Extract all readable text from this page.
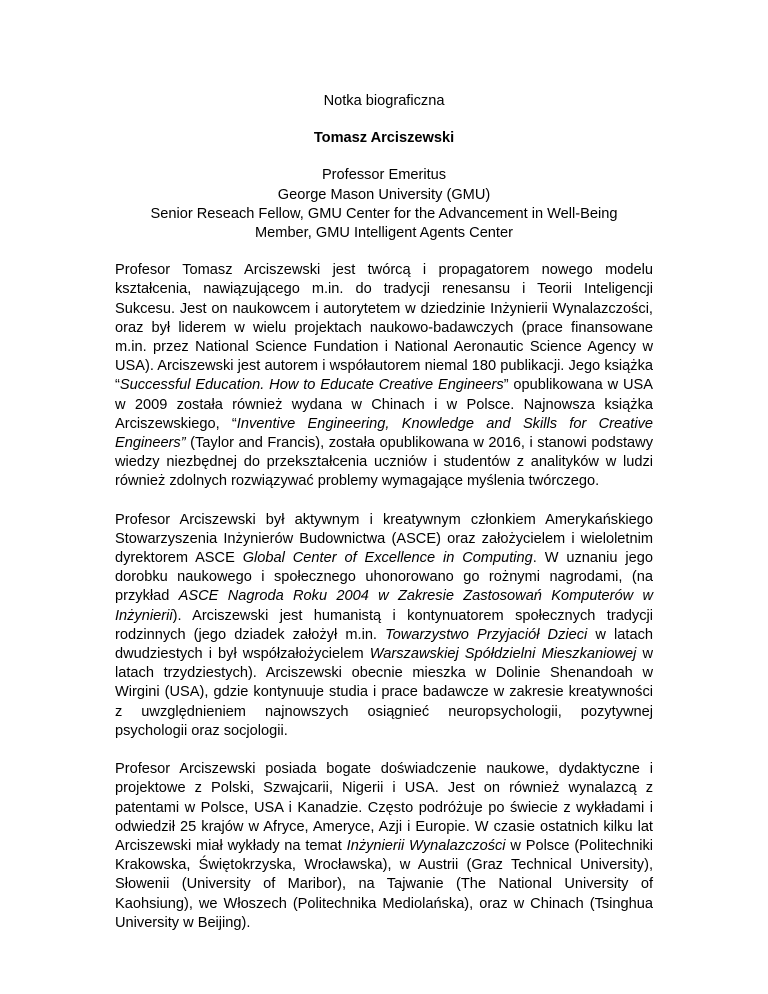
Notka biograficzna
Tomasz Arciszewski
Professor Emeritus
George Mason University (GMU)
Senior Reseach Fellow, GMU Center for the Advancement in Well-Being
Member, GMU Intelligent Agents Center

Profesor Tomasz Arciszewski jest twórcą i propagatorem nowego modelu kształcenia, nawiązującego m.in. do tradycji renesansu i Teorii Inteligencji Sukcesu. Jest on naukowcem i autorytetem w dziedzinie Inżynierii Wynalazczości, oraz był liderem w wielu projektach naukowo-badawczych (prace finansowane m.in. przez National Science Fundation i National Aeronautic Science Agency w USA). Arciszewski jest autorem i współautorem niemal 180 publikacji. Jego książka “Successful Education. How to Educate Creative Engineers” opublikowana w USA w 2009 została również wydana w Chinach i w Polsce. Najnowsza książka Arciszewskiego, “Inventive Engineering, Knowledge and Skills for Creative Engineers” (Taylor and Francis), została opublikowana w 2016, i stanowi podstawy wiedzy niezbędnej do przekształcenia uczniów i studentów z analityków w ludzi również zdolnych rozwiązywać problemy wymagające myślenia twórczego.

Profesor Arciszewski był aktywnym i kreatywnym członkiem Amerykańskiego Stowarzyszenia Inżynierów Budownictwa (ASCE) oraz założycielem i wieloletnim dyrektorem ASCE Global Center of Excellence in Computing. W uznaniu jego dorobku naukowego i społecznego uhonorowano go rożnymi nagrodami, (na przykład ASCE Nagroda Roku 2004 w Zakresie Zastosowań Komputerów w Inżynierii). Arciszewski jest humanistą i kontynuatorem społecznych tradycji rodzinnych (jego dziadek założył m.in. Towarzystwo Przyjaciół Dzieci w latach dwudziestych i był współzałożycielem Warszawskiej Spółdzielni Mieszkaniowej w latach trzydziestych). Arciszewski obecnie mieszka w Dolinie Shenandoah w Wirgini (USA), gdzie kontynuuje studia i prace badawcze w zakresie kreatywności z uwzględnieniem najnowszych osiągnieć neuropsychologii, pozytywnej psychologii oraz socjologii.

Profesor Arciszewski posiada bogate doświadczenie naukowe, dydaktyczne i projektowe z Polski, Szwajcarii, Nigerii i USA. Jest on również wynalazcą z patentami w Polsce, USA i Kanadzie. Często podróżuje po świecie z wykładami i odwiedził 25 krajów w Afryce, Ameryce, Azji i Europie. W czasie ostatnich kilku lat Arciszewski miał wykłady na temat Inżynierii Wynalazczości w Polsce (Politechniki Krakowska, Świętokrzyska, Wrocławska), w Austrii (Graz Technical University), Słowenii (University of Maribor), na Tajwanie (The National University of Kaohsiung), we Włoszech (Politechnika Mediolańska), oraz w Chinach (Tsinghua University w Beijing).
